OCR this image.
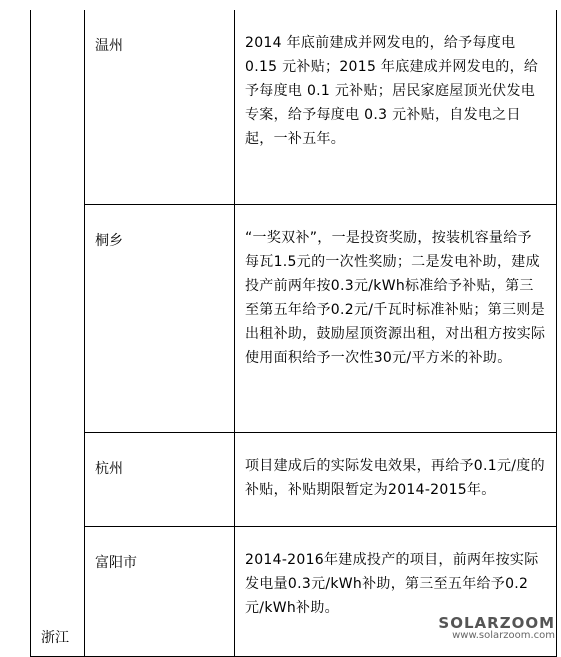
浙江	温州	2014 年底前建成并网发电的，给予每度电 0.15 元补贴；2015 年底建成并网发电的，给予每度电 0.1 元补贴；居民家庭屋顶光伏发电专案，给予每度电 0.3 元补贴，自发电之日起，一补五年。

	桐乡	“一奖双补”，一是投资奖励，按装机容量给予每瓦1.5元的一次性奖励；二是发电补助，建成投产前两年按0.3元/kWh标准给予补贴，第三至第五年给予0.2元/千瓦时标准补贴；第三则是出租补助，鼓励屋顶资源出租，对出租方按实际使用面积给予一次性30元/平方米的补助。

	杭州	项目建成后的实际发电效果，再给予0.1元/度的补贴，补贴期限暂定为2014-2015年。

	富阳市	2014-2016年建成投产的项目，前两年按实际发电量0.3元/kWh补助，第三至五年给予0.2元/kWh补助。
SOLARZOOM
www.solarzoom.com
